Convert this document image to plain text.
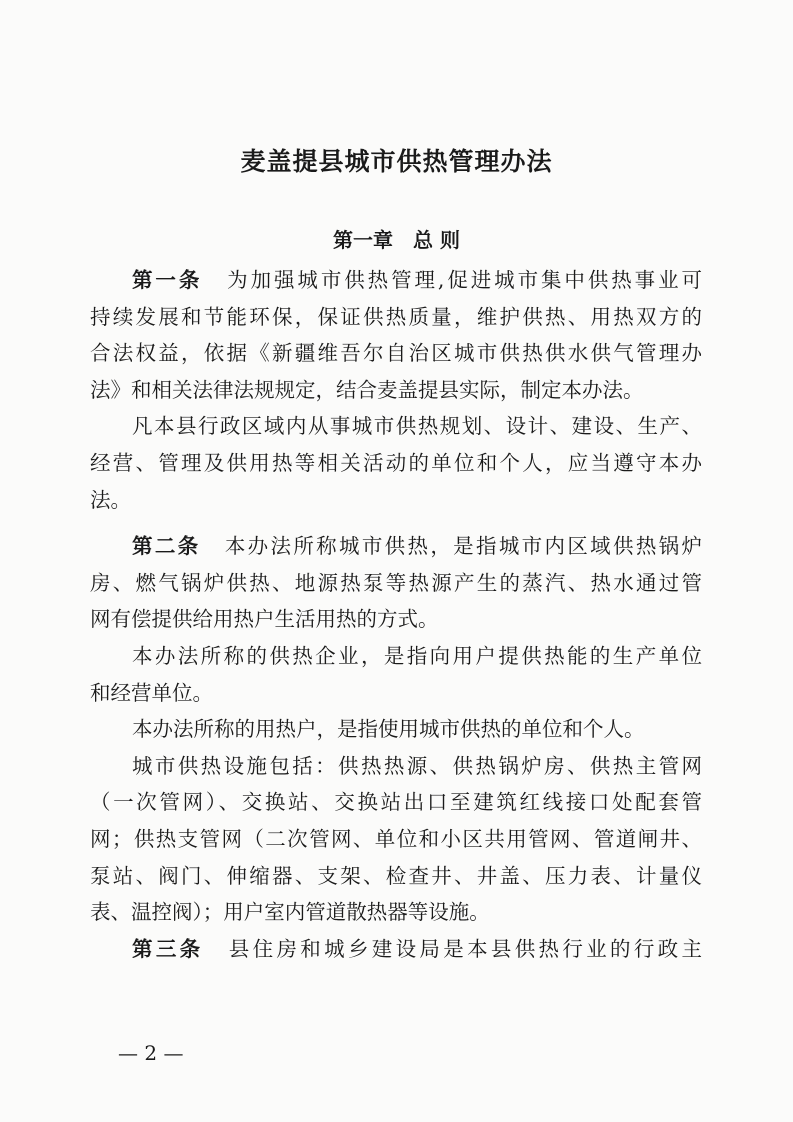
麦盖提县城市供热管理办法
第一章　总 则
第一条 为加强城市供热管理,促进城市集中供热事业可
持续发展和节能环保，保证供热质量，维护供热、用热双方的
合法权益，依据《新疆维吾尔自治区城市供热供水供气管理办
法》和相关法律法规规定，结合麦盖提县实际，制定本办法。
凡本县行政区域内从事城市供热规划、设计、建设、生产、
经营、管理及供用热等相关活动的单位和个人，应当遵守本办
法。
第二条 本办法所称城市供热，是指城市内区域供热锅炉
房、燃气锅炉供热、地源热泵等热源产生的蒸汽、热水通过管
网有偿提供给用热户生活用热的方式。
本办法所称的供热企业，是指向用户提供热能的生产单位
和经营单位。
本办法所称的用热户，是指使用城市供热的单位和个人。
城市供热设施包括：供热热源、供热锅炉房、供热主管网
（一次管网）、交换站、交换站出口至建筑红线接口处配套管
网；供热支管网（二次管网、单位和小区共用管网、管道闸井、
泵站、阀门、伸缩器、支架、检查井、井盖、压力表、计量仪
表、温控阀）；用户室内管道散热器等设施。
第三条 县住房和城乡建设局是本县供热行业的行政主
— 2 —
